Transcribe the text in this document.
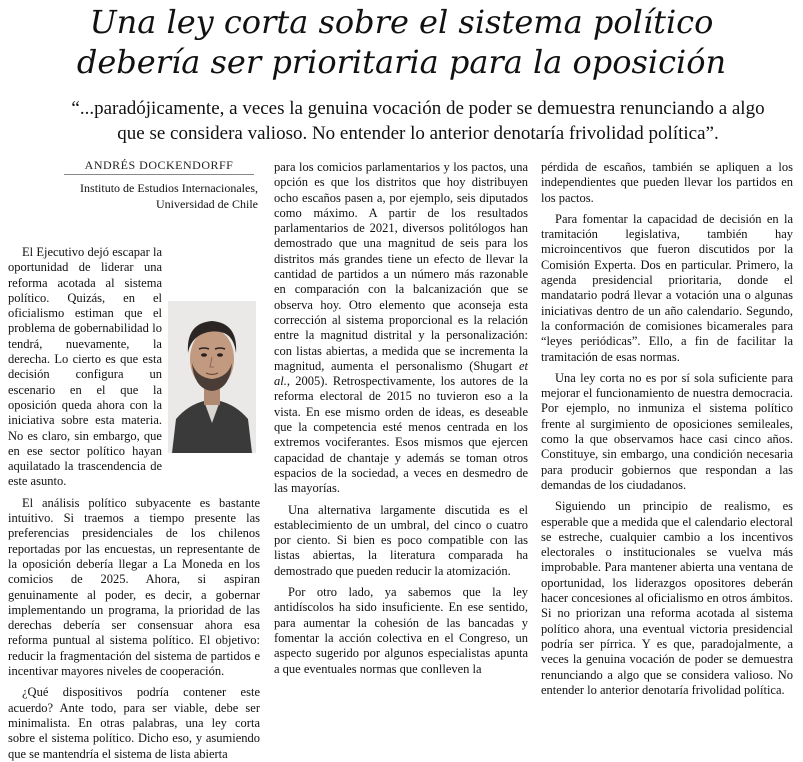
Una ley corta sobre el sistema político
debería ser prioritaria para la oposición
“...paradójicamente, a veces la genuina vocación de poder se demuestra renunciando a algo que se considera valioso. No entender lo anterior denotaría frivolidad política”.
ANDRÉS DOCKENDORFF
Instituto de Estudios Internacionales,
Universidad de Chile

El Ejecutivo dejó escapar la oportunidad de liderar una reforma acotada al sistema político. Quizás, en el oficialismo estiman que el problema de gobernabilidad lo tendrá, nuevamente, la derecha. Lo cierto es que esta decisión configura un escenario en el que la oposición queda ahora con la iniciativa sobre esta materia. No es claro, sin embargo, que en ese sector político hayan aquilatado la trascendencia de este asunto.

El análisis político subyacente es bastante intuitivo. Si traemos a tiempo presente las preferencias presidenciales de los chilenos reportadas por las encuestas, un representante de la oposición debería llegar a La Moneda en los comicios de 2025. Ahora, si aspiran genuinamente al poder, es decir, a gobernar implementando un programa, la prioridad de las derechas debería ser consensuar ahora esa reforma puntual al sistema político. El objetivo: reducir la fragmentación del sistema de partidos e incentivar mayores niveles de cooperación.

¿Qué dispositivos podría contener este acuerdo? Ante todo, para ser viable, debe ser minimalista. En otras palabras, una ley corta sobre el sistema político. Dicho eso, y asumiendo que se mantendría el sistema de lista abierta

para los comicios parlamentarios y los pactos, una opción es que los distritos que hoy distribuyen ocho escaños pasen a, por ejemplo, seis diputados como máximo. A partir de los resultados parlamentarios de 2021, diversos politólogos han demostrado que una magnitud de seis para los distritos más grandes tiene un efecto de llevar la cantidad de partidos a un número más razonable en comparación con la balcanización que se observa hoy. Otro elemento que aconseja esta corrección al sistema proporcional es la relación entre la magnitud distrital y la personalización: con listas abiertas, a medida que se incrementa la magnitud, aumenta el personalismo (Shugart et al., 2005). Retrospectivamente, los autores de la reforma electoral de 2015 no tuvieron eso a la vista. En ese mismo orden de ideas, es deseable que la competencia esté menos centrada en los extremos vociferantes. Esos mismos que ejercen capacidad de chantaje y además se toman otros espacios de la sociedad, a veces en desmedro de las mayorías.

Una alternativa largamente discutida es el establecimiento de un umbral, del cinco o cuatro por ciento. Si bien es poco compatible con las listas abiertas, la literatura comparada ha demostrado que pueden reducir la atomización.

Por otro lado, ya sabemos que la ley antidíscolos ha sido insuficiente. En ese sentido, para aumentar la cohesión de las bancadas y fomentar la acción colectiva en el Congreso, un aspecto sugerido por algunos especialistas apunta a que eventuales normas que conlleven la

pérdida de escaños, también se apliquen a los independientes que pueden llevar los partidos en los pactos.

Para fomentar la capacidad de decisión en la tramitación legislativa, también hay microincentivos que fueron discutidos por la Comisión Experta. Dos en particular. Primero, la agenda presidencial prioritaria, donde el mandatario podrá llevar a votación una o algunas iniciativas dentro de un año calendario. Segundo, la conformación de comisiones bicamerales para “leyes periódicas”. Ello, a fin de facilitar la tramitación de esas normas.

Una ley corta no es por sí sola suficiente para mejorar el funcionamiento de nuestra democracia. Por ejemplo, no inmuniza el sistema político frente al surgimiento de oposiciones semileales, como la que observamos hace casi cinco años. Constituye, sin embargo, una condición necesaria para producir gobiernos que respondan a las demandas de los ciudadanos.

Siguiendo un principio de realismo, es esperable que a medida que el calendario electoral se estreche, cualquier cambio a los incentivos electorales o institucionales se vuelva más improbable. Para mantener abierta una ventana de oportunidad, los liderazgos opositores deberán hacer concesiones al oficialismo en otros ámbitos. Si no priorizan una reforma acotada al sistema político ahora, una eventual victoria presidencial podría ser pírrica. Y es que, paradojalmente, a veces la genuina vocación de poder se demuestra renunciando a algo que se considera valioso. No entender lo anterior denotaría frivolidad política.
